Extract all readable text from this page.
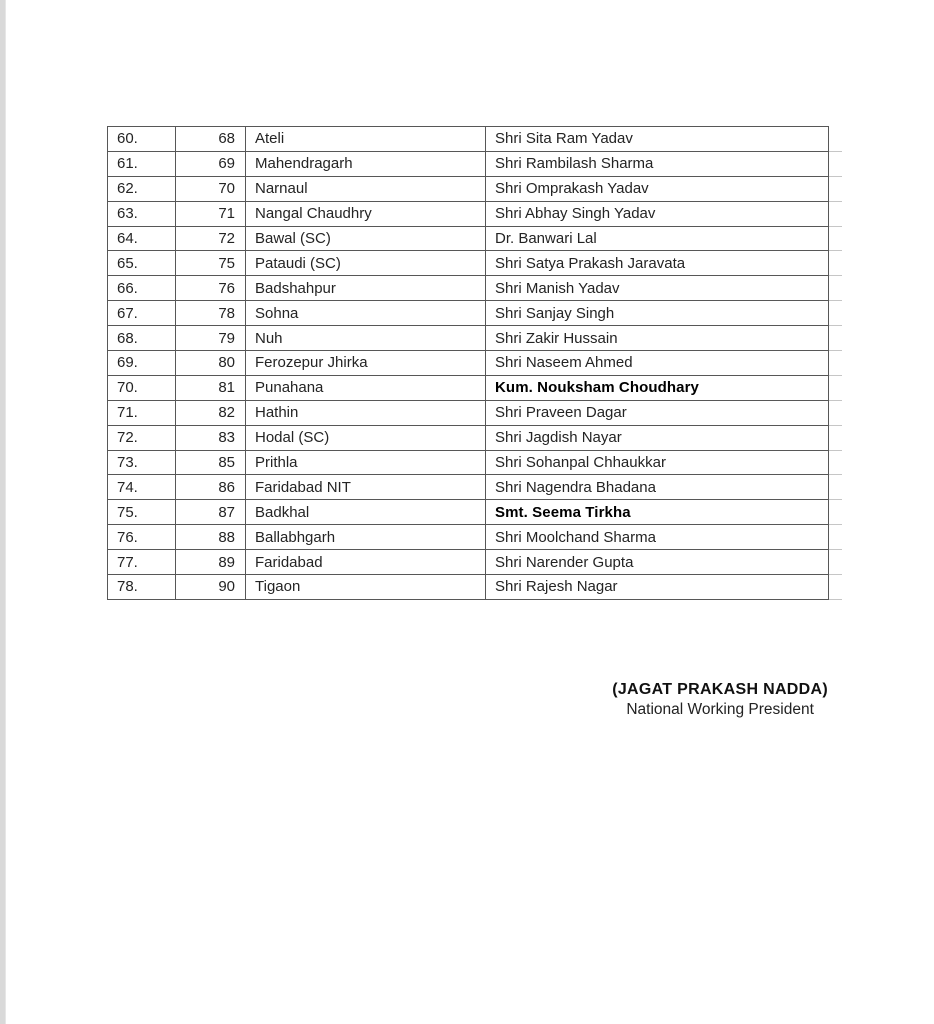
60.	68	Ateli	Shri Sita Ram Yadav
61.	69	Mahendragarh	Shri Rambilash Sharma
62.	70	Narnaul	Shri Omprakash Yadav
63.	71	Nangal Chaudhry	Shri Abhay Singh Yadav
64.	72	Bawal (SC)	Dr. Banwari Lal
65.	75	Pataudi (SC)	Shri Satya Prakash Jaravata
66.	76	Badshahpur	Shri Manish Yadav
67.	78	Sohna	Shri Sanjay Singh
68.	79	Nuh	Shri Zakir Hussain
69.	80	Ferozepur Jhirka	Shri Naseem Ahmed
70.	81	Punahana	Kum. Nouksham Choudhary
71.	82	Hathin	Shri Praveen Dagar
72.	83	Hodal (SC)	Shri Jagdish Nayar
73.	85	Prithla	Shri Sohanpal Chhaukkar
74.	86	Faridabad NIT	Shri Nagendra Bhadana
75.	87	Badkhal	Smt. Seema Tirkha
76.	88	Ballabhgarh	Shri Moolchand Sharma
77.	89	Faridabad	Shri Narender Gupta
78.	90	Tigaon	Shri Rajesh Nagar
(JAGAT PRAKASH NADDA)
National Working President
